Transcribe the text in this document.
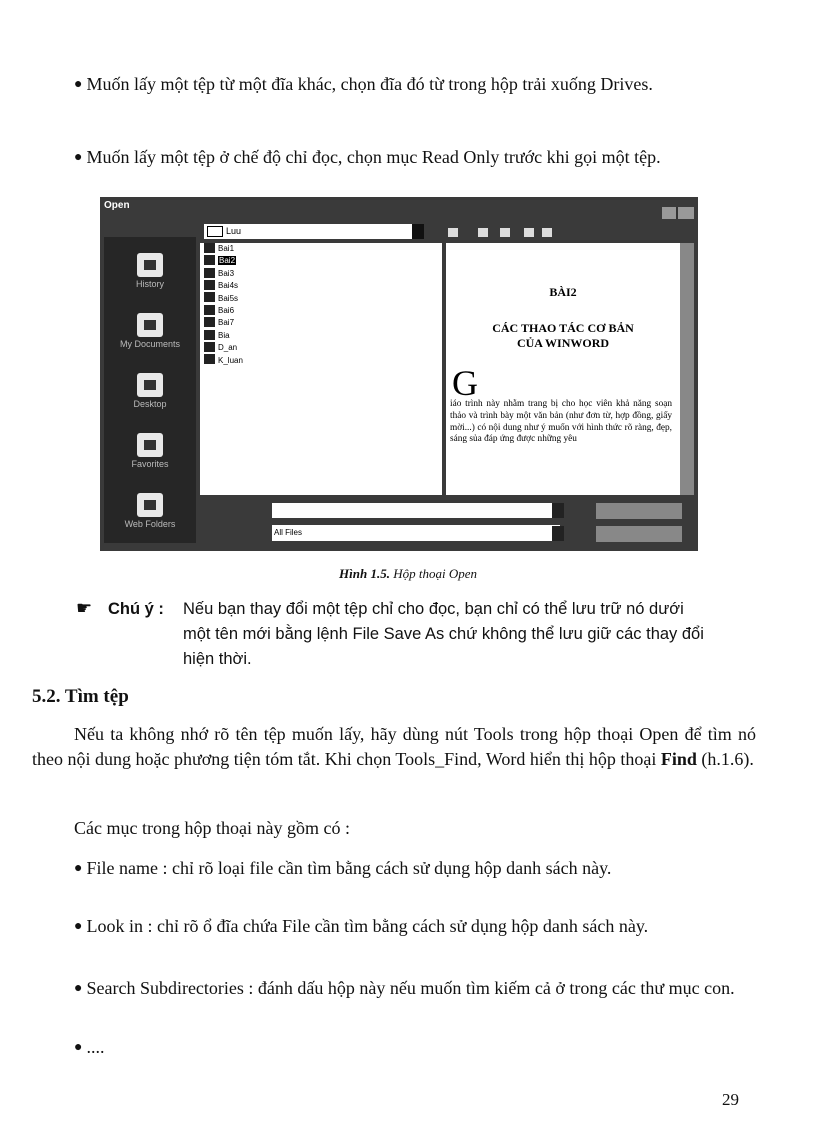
● Muốn lấy một tệp từ một đĩa khác, chọn đĩa đó từ trong hộp trải xuống Drives.

● Muốn lấy một tệp ở chế độ chỉ đọc, chọn mục Read Only trước khi gọi một tệp.

Open
Luu
History
My Documents
Desktop
Favorites
Web Folders
Bai1
Bai2
Bai3
Bai4s
Bai5s
Bai6
Bai7
Bia
D_an
K_luan
BÀI2
CÁC THAO TÁC CƠ BẢN
CỦA WINWORD
G
iáo trình này nhằm trang bị cho học viên khả năng soạn thảo và trình bày một văn bản (như đơn từ, hợp đồng, giấy mời...) có nội dung như ý muốn với hình thức rõ ràng, đẹp, sáng sủa đáp ứng được những yêu
All Files
Hình 1.5. Hộp thoại Open
☛Chú ý : Nếu bạn thay đổi một tệp chỉ cho đọc, bạn chỉ có thể lưu trữ nó dưới một tên mới bằng lệnh File Save As chứ không thể lưu giữ các thay đổi hiện thời.
5.2. Tìm tệp

Nếu ta không nhớ rõ tên tệp muốn lấy, hãy dùng nút Tools trong hộp thoại Open để tìm nó theo nội dung hoặc phương tiện tóm tắt. Khi chọn Tools_Find, Word hiển thị hộp thoại Find (h.1.6).

Các mục trong hộp thoại này gồm có :

● File name : chỉ rõ loại file cần tìm bằng cách sử dụng hộp danh sách này.

● Look in : chỉ rõ ổ đĩa chứa File cần tìm bằng cách sử dụng hộp danh sách này.

● Search Subdirectories : đánh dấu hộp này nếu muốn tìm kiếm cả ở trong các thư mục con.

● ....

29
